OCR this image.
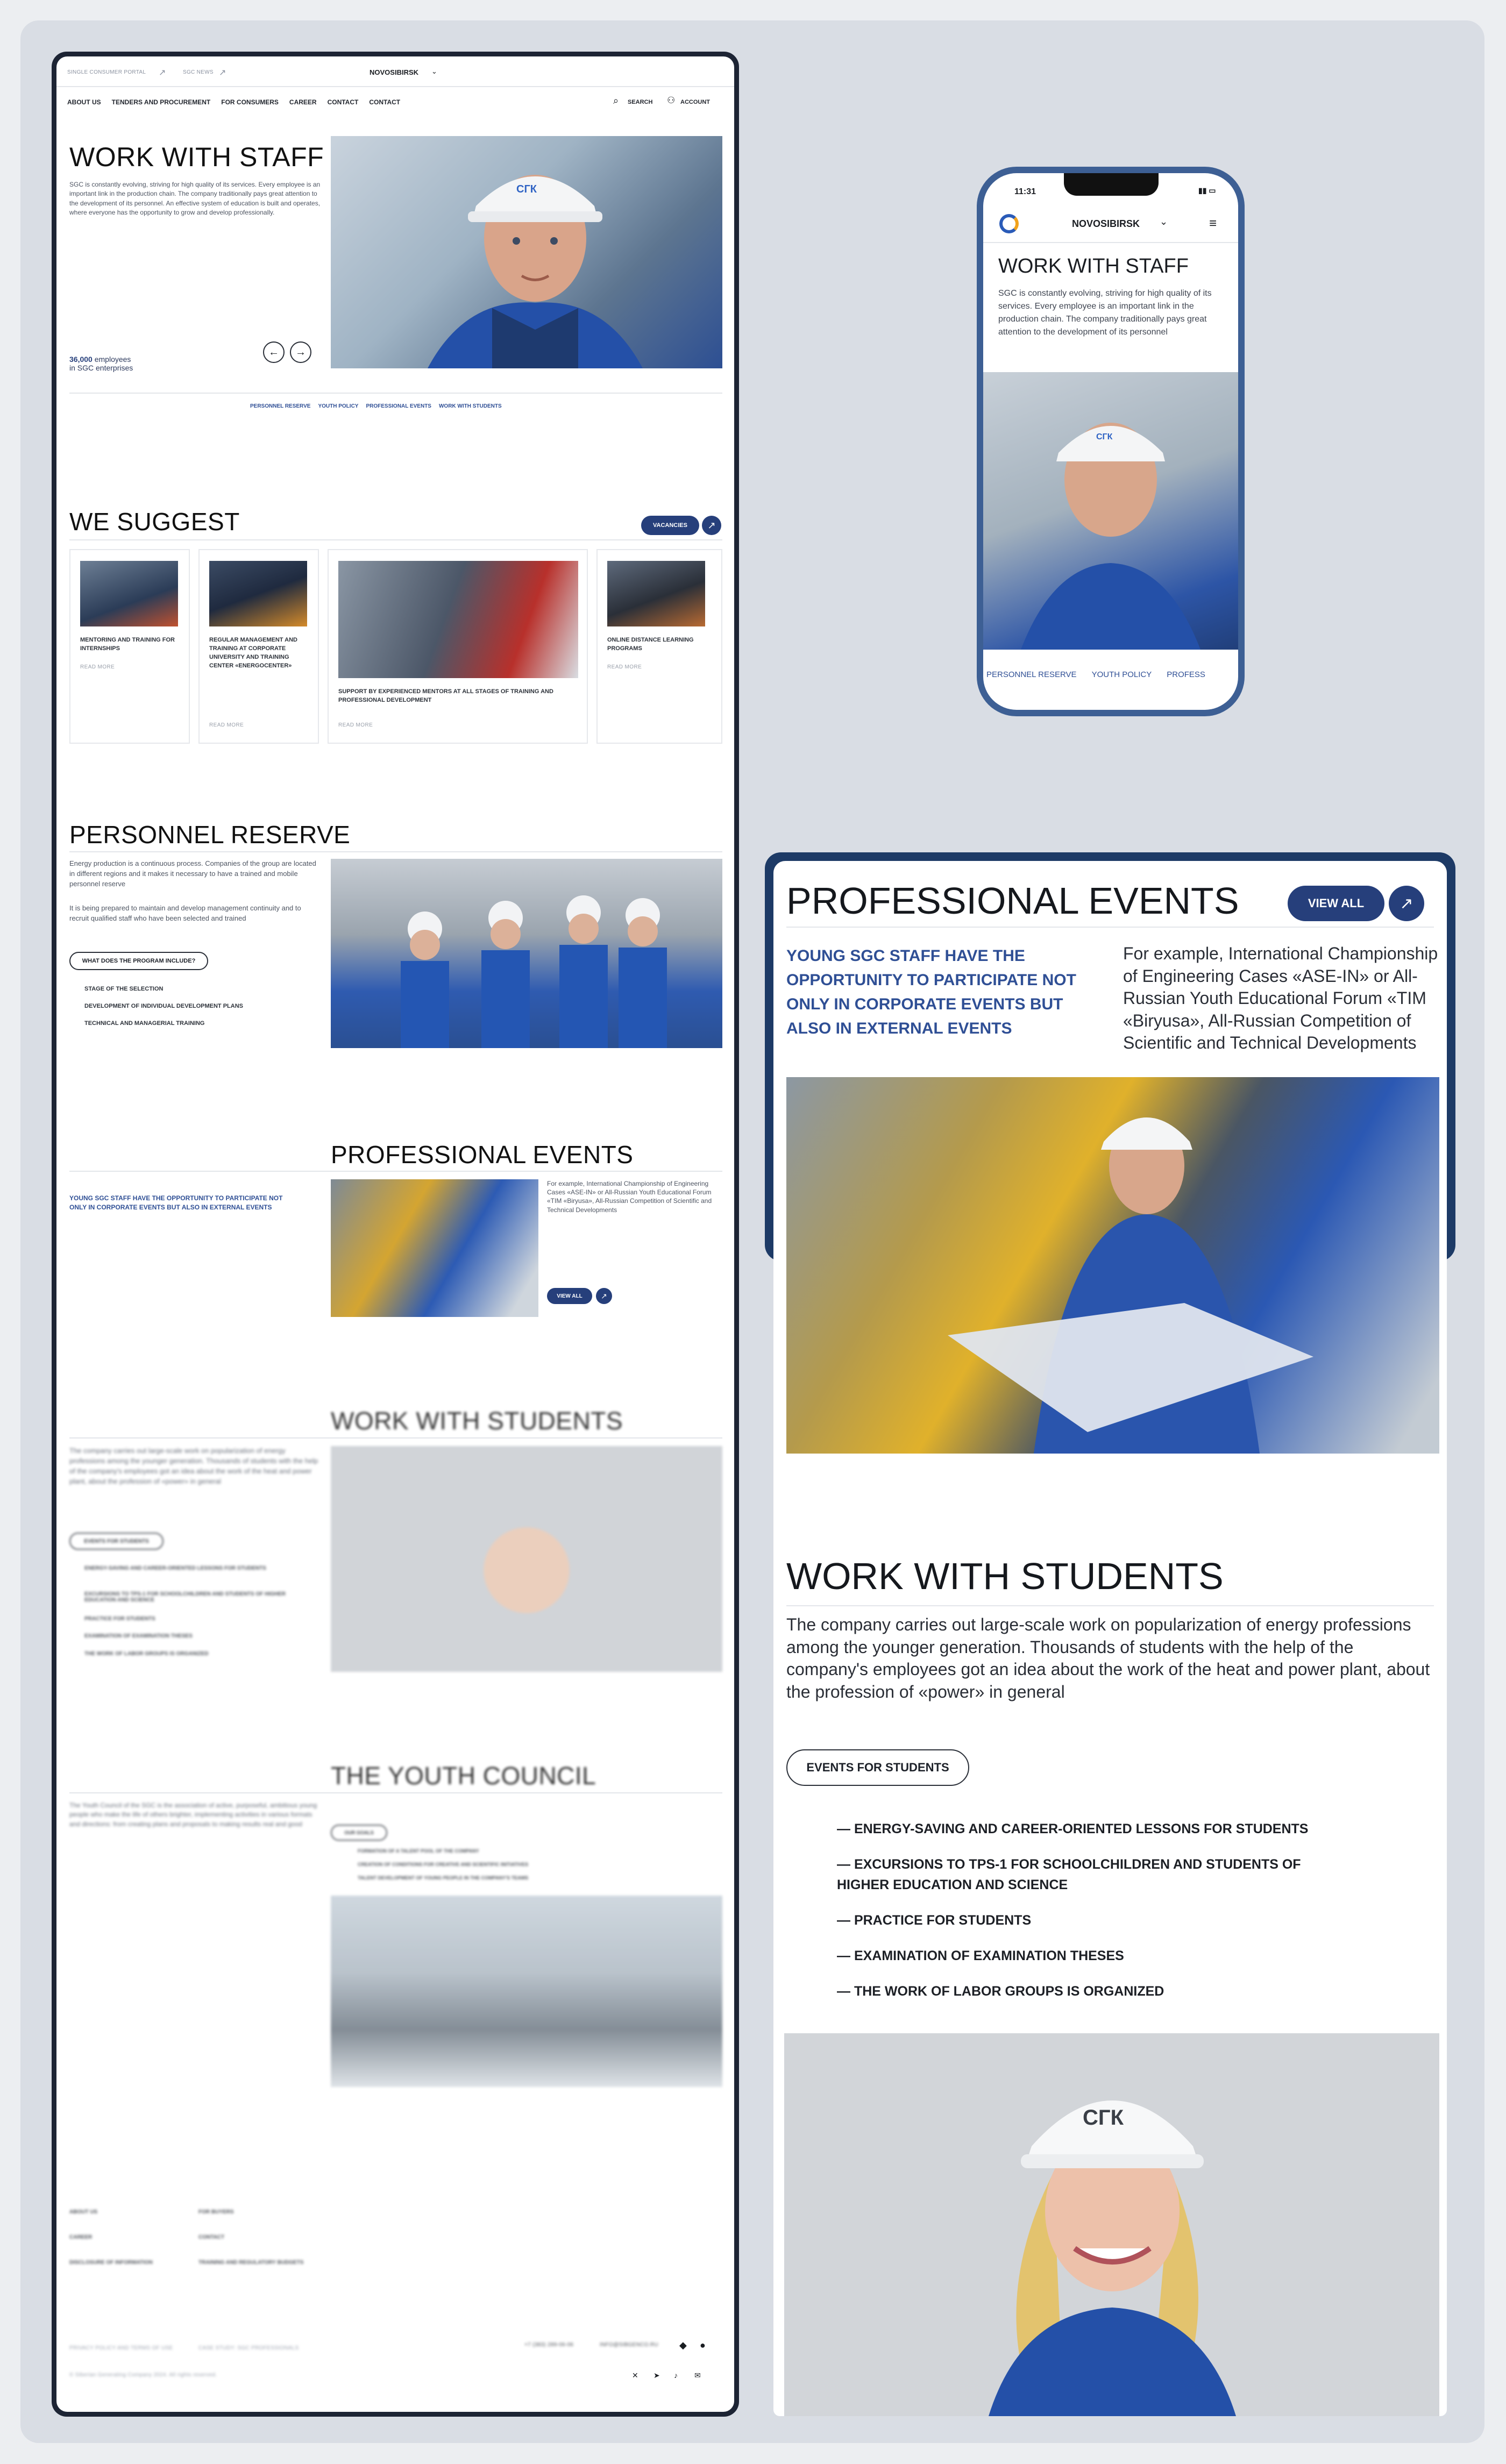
SINGLE CONSUMER PORTAL ↗	SGC NEWS ↗	NOVOSIBIRSK ⌄
ABOUT US TENDERS AND PROCUREMENT FOR CONSUMERS CAREER CONTACT CONTACT	⌕ SEARCH ⚇ ACCOUNT
WORK WITH STAFF
SGC is constantly evolving, striving for high quality of its services. Every employee is an important link in the production chain. The company traditionally pays great attention to the development of its personnel. An effective system of education is built and operates, where everyone has the opportunity to grow and develop professionally.
36,000 employees
in SGC enterprises
←	→
СГК
PERSONNEL RESERVE YOUTH POLICY PROFESSIONAL EVENTS WORK WITH STUDENTS
WE SUGGEST	VACANCIES	↗
MENTORING AND TRAINING FOR INTERNSHIPS
READ MORE
REGULAR MANAGEMENT AND TRAINING AT CORPORATE UNIVERSITY AND TRAINING CENTER «ENERGOCENTER»
READ MORE
SUPPORT BY EXPERIENCED MENTORS AT ALL STAGES OF TRAINING AND PROFESSIONAL DEVELOPMENT
READ MORE
ONLINE DISTANCE LEARNING PROGRAMS
READ MORE
PERSONNEL RESERVE
Energy production is a continuous process. Companies of the group are located in different regions and it makes it necessary to have a trained and mobile personnel reserve
It is being prepared to maintain and develop management continuity and to recruit qualified staff who have been selected and trained
WHAT DOES THE PROGRAM INCLUDE?
STAGE OF THE SELECTION
DEVELOPMENT OF INDIVIDUAL DEVELOPMENT PLANS
TECHNICAL AND MANAGERIAL TRAINING
PROFESSIONAL EVENTS
YOUNG SGC STAFF HAVE THE OPPORTUNITY TO PARTICIPATE NOT ONLY IN CORPORATE EVENTS BUT ALSO IN EXTERNAL EVENTS
For example, International Championship of Engineering Cases «ASE-IN» or All-Russian Youth Educational Forum «TIM «Biryusa», All-Russian Competition of Scientific and Technical Developments
VIEW ALL	↗
WORK WITH STUDENTS
The company carries out large-scale work on popularization of energy professions among the younger generation. Thousands of students with the help of the company's employees got an idea about the work of the heat and power plant, about the profession of «power» in general
EVENTS FOR STUDENTS
ENERGY-SAVING AND CAREER-ORIENTED LESSONS FOR STUDENTS
EXCURSIONS TO TPS-1 FOR SCHOOLCHILDREN AND STUDENTS OF HIGHER EDUCATION AND SCIENCE
PRACTICE FOR STUDENTS
EXAMINATION OF EXAMINATION THESES
THE WORK OF LABOR GROUPS IS ORGANIZED
THE YOUTH COUNCIL
The Youth Council of the SGC is the association of active, purposeful, ambitious young people who make the life of others brighter, implementing activities in various formats and directions: from creating plans and proposals to making results real and good
OUR GOALS
FORMATION OF A TALENT POOL OF THE COMPANY
CREATION OF CONDITIONS FOR CREATIVE AND SCIENTIFIC INITIATIVES
TALENT DEVELOPMENT OF YOUNG PEOPLE IN THE COMPANY'S TEAMS
ABOUT US
CAREER
DISCLOSURE OF INFORMATION
FOR BUYERS
CONTACT
TRAINING AND REGULATORY BUDGETS
PRIVACY POLICY AND TERMS OF USE	CASE STUDY: SGC PROFESSIONALS
+7 (383) 289-06-06	INFO@SIBGENCO.RU
© Siberian Generating Company 2024. All rights reserved.
◆ ●
✕ ➤ ♪ ✉
11:31	▮▮ ▭
NOVOSIBIRSK ⌄	≡
WORK WITH STAFF
SGC is constantly evolving, striving for high quality of its services. Every employee is an important link in the production chain. The company traditionally pays great attention to the development of its personnel
СГК
PERSONNEL RESERVE YOUTH POLICY PROFESS
PROFESSIONAL EVENTS	VIEW ALL	↗
YOUNG SGC STAFF HAVE THE OPPORTUNITY TO PARTICIPATE NOT ONLY IN CORPORATE EVENTS BUT ALSO IN EXTERNAL EVENTS
For example, International Championship of Engineering Cases «ASE-IN» or All-Russian Youth Educational Forum «TIM «Biryusa», All-Russian Competition of Scientific and Technical Developments
WORK WITH STUDENTS
The company carries out large-scale work on popularization of energy professions among the younger generation. Thousands of students with the help of the company's employees got an idea about the work of the heat and power plant, about the profession of «power» in general
EVENTS FOR STUDENTS
— ENERGY-SAVING AND CAREER-ORIENTED LESSONS FOR STUDENTS
— EXCURSIONS TO TPS-1 FOR SCHOOLCHILDREN AND STUDENTS OF HIGHER EDUCATION AND SCIENCE
— PRACTICE FOR STUDENTS
— EXAMINATION OF EXAMINATION THESES
— THE WORK OF LABOR GROUPS IS ORGANIZED
СГК
